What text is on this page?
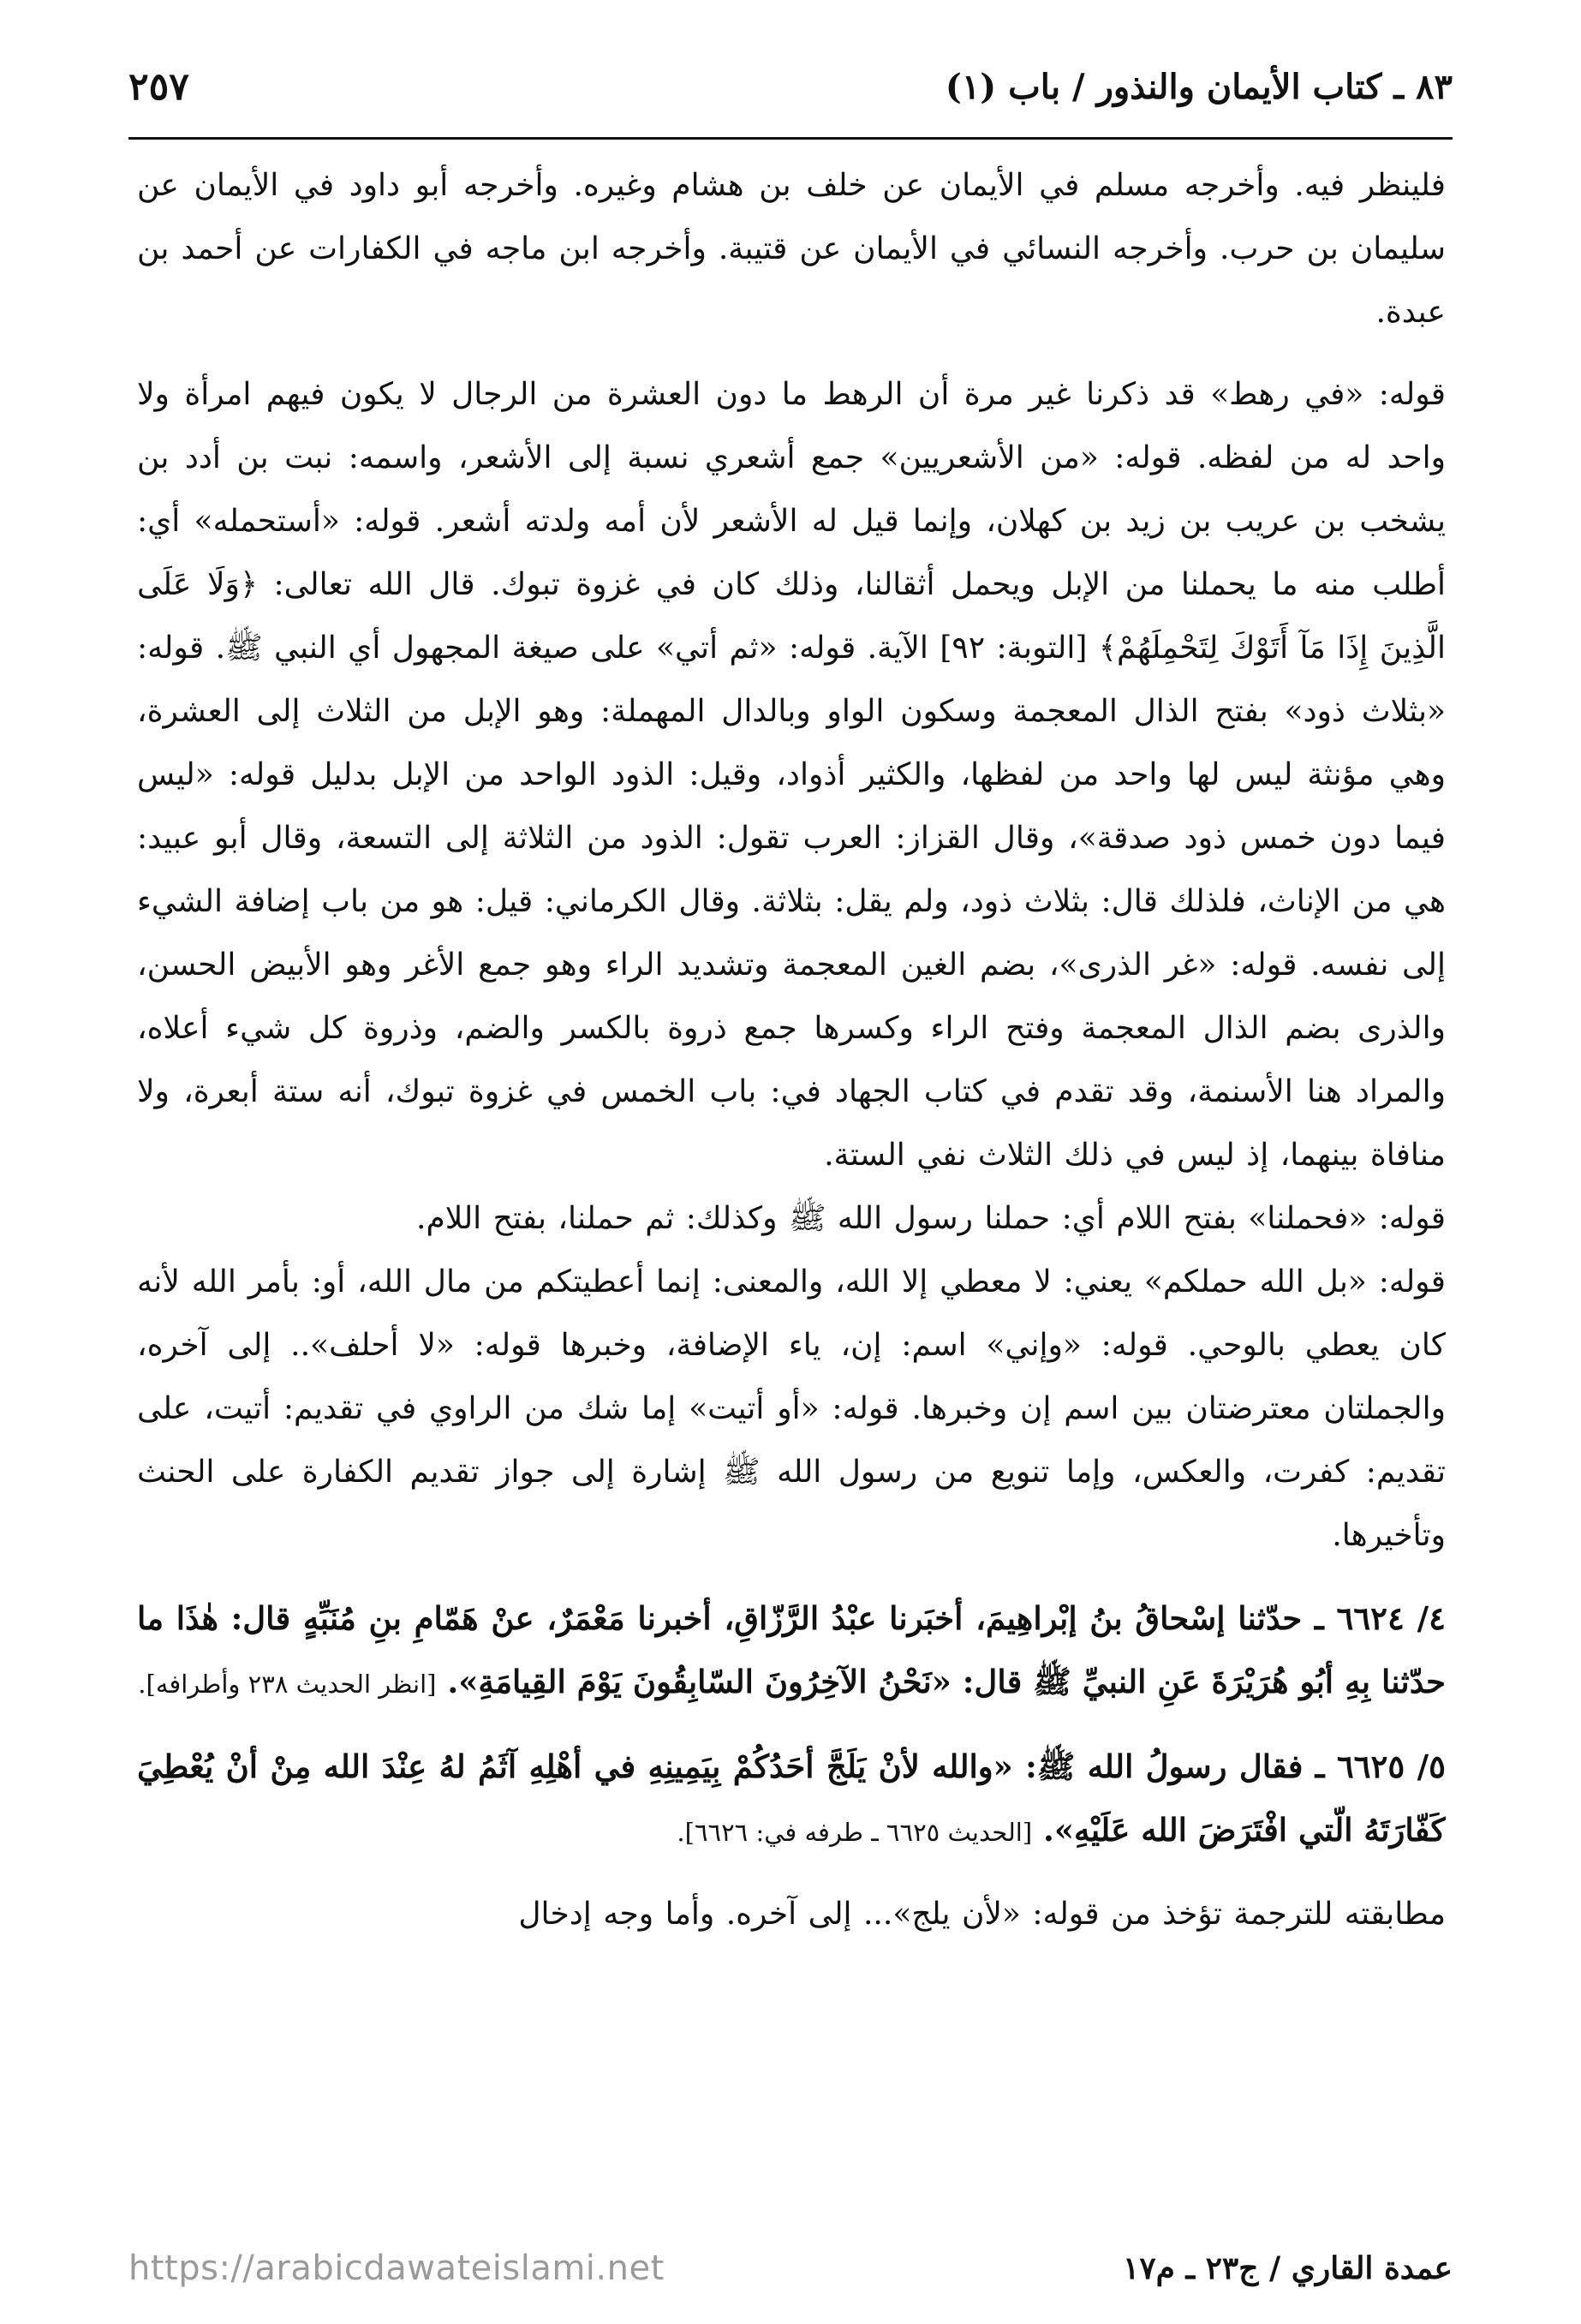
٨٣ ـ كتاب الأيمان والنذور / باب (١)
٢٥٧

فلينظر فيه. وأخرجه مسلم في الأيمان عن خلف بن هشام وغيره. وأخرجه أبو داود في الأيمان عن سليمان بن حرب. وأخرجه النسائي في الأيمان عن قتيبة. وأخرجه ابن ماجه في الكفارات عن أحمد بن عبدة.

قوله: «في رهط» قد ذكرنا غير مرة أن الرهط ما دون العشرة من الرجال لا يكون فيهم امرأة ولا واحد له من لفظه. قوله: «من الأشعريين» جمع أشعري نسبة إلى الأشعر، واسمه: نبت بن أدد بن يشخب بن عريب بن زيد بن كهلان، وإنما قيل له الأشعر لأن أمه ولدته أشعر. قوله: «أستحمله» أي: أطلب منه ما يحملنا من الإبل ويحمل أثقالنا، وذلك كان في غزوة تبوك. قال الله تعالى: ﴿وَلَا عَلَى الَّذِينَ إِذَا مَآ أَتَوْكَ لِتَحْمِلَهُمْ﴾ [التوبة: ٩٢] الآية. قوله: «ثم أتي» على صيغة المجهول أي النبي ﷺ. قوله: «بثلاث ذود» بفتح الذال المعجمة وسكون الواو وبالدال المهملة: وهو الإبل من الثلاث إلى العشرة، وهي مؤنثة ليس لها واحد من لفظها، والكثير أذواد، وقيل: الذود الواحد من الإبل بدليل قوله: «ليس فيما دون خمس ذود صدقة»، وقال القزاز: العرب تقول: الذود من الثلاثة إلى التسعة، وقال أبو عبيد: هي من الإناث، فلذلك قال: بثلاث ذود، ولم يقل: بثلاثة. وقال الكرماني: قيل: هو من باب إضافة الشيء إلى نفسه. قوله: «غر الذرى»، بضم الغين المعجمة وتشديد الراء وهو جمع الأغر وهو الأبيض الحسن، والذرى بضم الذال المعجمة وفتح الراء وكسرها جمع ذروة بالكسر والضم، وذروة كل شيء أعلاه، والمراد هنا الأسنمة، وقد تقدم في كتاب الجهاد في: باب الخمس في غزوة تبوك، أنه ستة أبعرة، ولا منافاة بينهما، إذ ليس في ذلك الثلاث نفي الستة.

قوله: «فحملنا» بفتح اللام أي: حملنا رسول الله ﷺ وكذلك: ثم حملنا، بفتح اللام.

قوله: «بل الله حملكم» يعني: لا معطي إلا الله، والمعنى: إنما أعطيتكم من مال الله، أو: بأمر الله لأنه كان يعطي بالوحي. قوله: «وإني» اسم: إن، ياء الإضافة، وخبرها قوله: «لا أحلف».. إلى آخره، والجملتان معترضتان بين اسم إن وخبرها. قوله: «أو أتيت» إما شك من الراوي في تقديم: أتيت، على تقديم: كفرت، والعكس، وإما تنويع من رسول الله ﷺ إشارة إلى جواز تقديم الكفارة على الحنث وتأخيرها.

٤/ ٦٦٢٤ ـ حدّثنا إسْحاقُ بنُ إبْراهِيمَ، أخبَرنا عبْدُ الرَّزّاقِ، أخبرنا مَعْمَرٌ، عنْ هَمّامِ بنِ مُنَبِّهٍ قال: هٰذَا ما حدّثنا بِهِ أبُو هُرَيْرَةَ عَنِ النبيِّ ﷺ قال: «نَحْنُ الآخِرُونَ السّابِقُونَ يَوْمَ القِيامَةِ». [انظر الحديث ٢٣٨ وأطرافه].

٥/ ٦٦٢٥ ـ فقال رسولُ الله ﷺ: «والله لأنْ يَلَجَّ أحَدُكُمْ بِيَمِينِهِ في أهْلِهِ آثَمُ لهُ عِنْدَ الله مِنْ أنْ يُعْطِيَ كَفّارَتَهُ الّتي افْتَرَضَ الله عَلَيْهِ». [الحديث ٦٦٢٥ ـ طرفه في: ٦٦٢٦].

مطابقته للترجمة تؤخذ من قوله: «لأن يلج»... إلى آخره. وأما وجه إدخال

عمدة القاري / ج٢٣ ـ م١٧
https://arabicdawateislami.net
